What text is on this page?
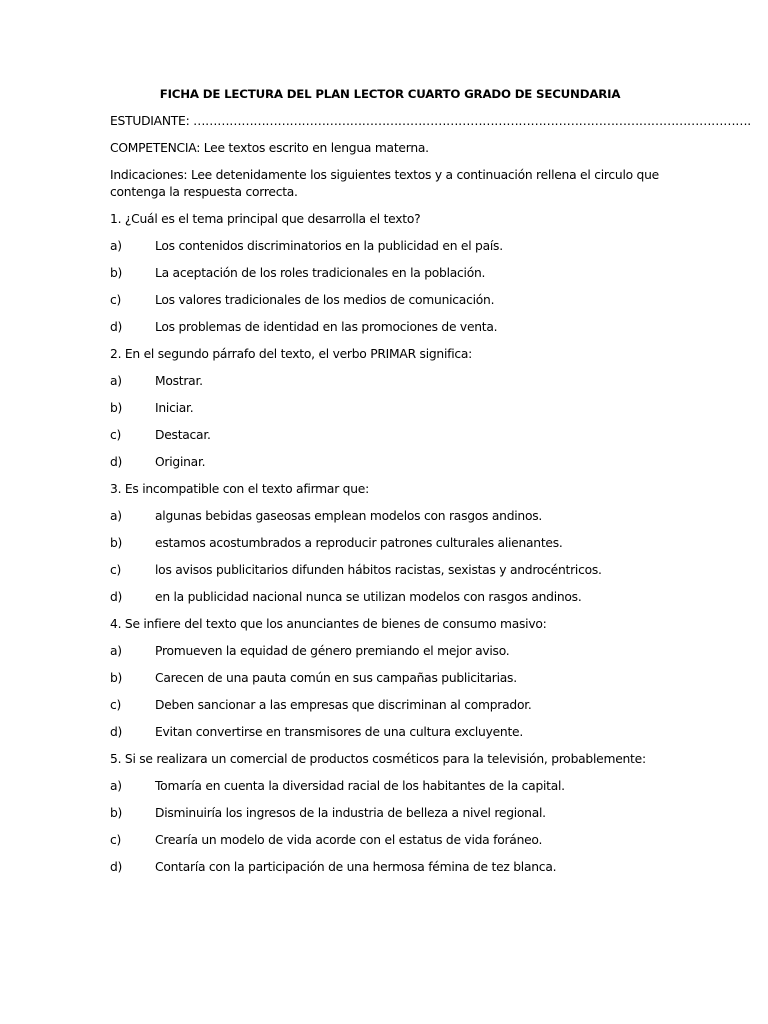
FICHA DE LECTURA DEL PLAN LECTOR CUARTO GRADO DE SECUNDARIA
ESTUDIANTE: ………………………………………………………………………………………………………………………….
COMPETENCIA: Lee textos escrito en lengua materna.
Indicaciones: Lee detenidamente los siguientes textos y a continuación rellena el circulo que contenga la respuesta correcta.
1. ¿Cuál es el tema principal que desarrolla el texto?
a)	Los contenidos discriminatorios en la publicidad en el país.
b)	La aceptación de los roles tradicionales en la población.
c)	Los valores tradicionales de los medios de comunicación.
d)	Los problemas de identidad en las promociones de venta.
2. En el segundo párrafo del texto, el verbo PRIMAR significa:
a)	Mostrar.
b)	Iniciar.
c)	Destacar.
d)	Originar.
3. Es incompatible con el texto afirmar que:
a)	algunas bebidas gaseosas emplean modelos con rasgos andinos.
b)	estamos acostumbrados a reproducir patrones culturales alienantes.
c)	los avisos publicitarios difunden hábitos racistas, sexistas y androcéntricos.
d)	en la publicidad nacional nunca se utilizan modelos con rasgos andinos.
4. Se infiere del texto que los anunciantes de bienes de consumo masivo:
a)	Promueven la equidad de género premiando el mejor aviso.
b)	Carecen de una pauta común en sus campañas publicitarias.
c)	Deben sancionar a las empresas que discriminan al comprador.
d)	Evitan convertirse en transmisores de una cultura excluyente.
5. Si se realizara un comercial de productos cosméticos para la televisión, probablemente:
a)	Tomaría en cuenta la diversidad racial de los habitantes de la capital.
b)	Disminuiría los ingresos de la industria de belleza a nivel regional.
c)	Crearía un modelo de vida acorde con el estatus de vida foráneo.
d)	Contaría con la participación de una hermosa fémina de tez blanca.
